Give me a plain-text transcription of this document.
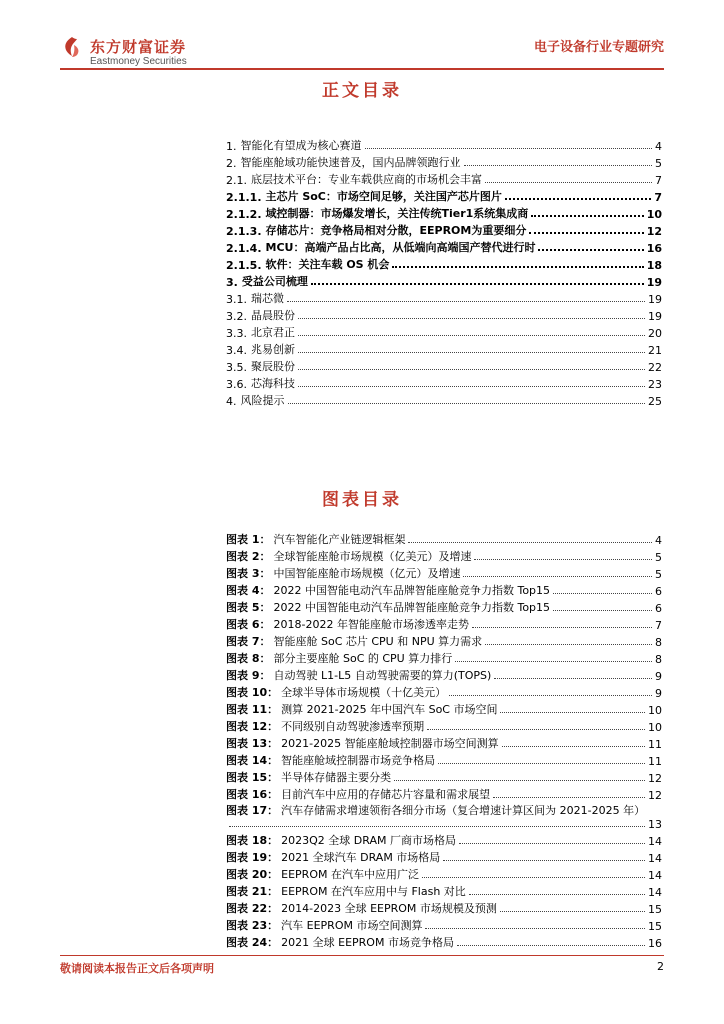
东方财富证券
Eastmoney Securities
电子设备行业专题研究
正文目录
1. 智能化有望成为核心赛道	4
2. 智能座舱域功能快速普及，国内品牌领跑行业	5
2.1. 底层技术平台：专业车载供应商的市场机会丰富	7
2.1.1. 主芯片 SoC：市场空间足够，关注国产芯片图片	7
2.1.2. 域控制器：市场爆发增长，关注传统Tier1系统集成商	10
2.1.3. 存储芯片：竞争格局相对分散，EEPROM为重要细分	12
2.1.4. MCU：高端产品占比高，从低端向高端国产替代进行时	16
2.1.5. 软件：关注车载 OS 机会	18
3. 受益公司梳理	19
3.1. 瑞芯微	19
3.2. 晶晨股份	19
3.3. 北京君正	20
3.4. 兆易创新	21
3.5. 聚辰股份	22
3.6. 芯海科技	23
4. 风险提示	25
图表目录
图表 1： 汽车智能化产业链逻辑框架	4
图表 2： 全球智能座舱市场规模（亿美元）及增速	5
图表 3： 中国智能座舱市场规模（亿元）及增速	5
图表 4： 2022 中国智能电动汽车品牌智能座舱竞争力指数 Top15	6
图表 5： 2022 中国智能电动汽车品牌智能座舱竞争力指数 Top15	6
图表 6： 2018-2022 年智能座舱市场渗透率走势	7
图表 7： 智能座舱 SoC 芯片 CPU 和 NPU 算力需求	8
图表 8： 部分主要座舱 SoC 的 CPU 算力排行	8
图表 9： 自动驾驶 L1-L5 自动驾驶需要的算力(TOPS)	9
图表 10： 全球半导体市场规模（十亿美元）	9
图表 11： 测算 2021-2025 年中国汽车 SoC 市场空间	10
图表 12： 不同级别自动驾驶渗透率预期	10
图表 13： 2021-2025 智能座舱域控制器市场空间测算	11
图表 14： 智能座舱域控制器市场竞争格局	11
图表 15： 半导体存储器主要分类	12
图表 16： 目前汽车中应用的存储芯片容量和需求展望	12
图表 17： 汽车存储需求增速领衔各细分市场（复合增速计算区间为 2021-2025 年）
13
图表 18： 2023Q2 全球 DRAM 厂商市场格局	14
图表 19： 2021 全球汽车 DRAM 市场格局	14
图表 20： EEPROM 在汽车中应用广泛	14
图表 21： EEPROM 在汽车应用中与 Flash 对比	14
图表 22： 2014-2023 全球 EEPROM 市场规模及预测	15
图表 23： 汽车 EEPROM 市场空间测算	15
图表 24： 2021 全球 EEPROM 市场竞争格局	16
敬请阅读本报告正文后各项声明	2
